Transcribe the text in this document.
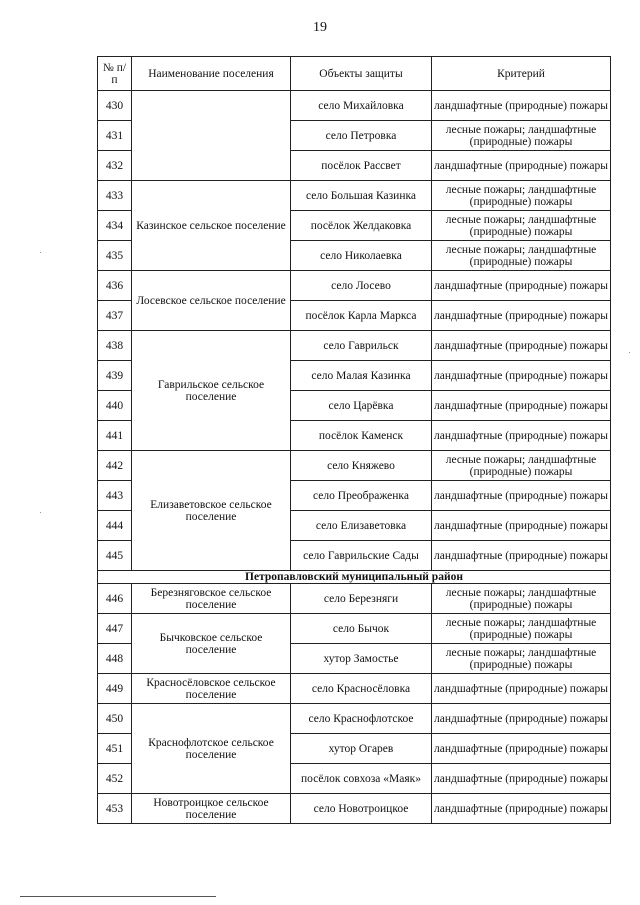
19
№ п/п	Наименование поселения	Объекты защиты	Критерий
430		село Михайловка	ландшафтные (природные) пожары
431		село Петровка	лесные пожары; ландшафтные (природные) пожары
432		посёлок Рассвет	ландшафтные (природные) пожары
433	Казинское сельское поселение	село Большая Казинка	лесные пожары; ландшафтные (природные) пожары
434		посёлок Желдаковка	лесные пожары; ландшафтные (природные) пожары
435		село Николаевка	лесные пожары; ландшафтные (природные) пожары
436	Лосевское сельское поселение	село Лосево	ландшафтные (природные) пожары
437		посёлок Карла Маркса	ландшафтные (природные) пожары
438	Гаврильское сельское поселение	село Гаврильск	ландшафтные (природные) пожары
439		село Малая Казинка	ландшафтные (природные) пожары
440		село Царёвка	ландшафтные (природные) пожары
441		посёлок Каменск	ландшафтные (природные) пожары
442	Елизаветовское сельское поселение	село Княжево	лесные пожары; ландшафтные (природные) пожары
443		село Преображенка	ландшафтные (природные) пожары
444		село Елизаветовка	ландшафтные (природные) пожары
445		село Гаврильские Сады	ландшафтные (природные) пожары
Петропавловский муниципальный район			
446	Березняговское сельское поселение	село Березняги	лесные пожары; ландшафтные (природные) пожары
447	Бычковское сельское поселение	село Бычок	лесные пожары; ландшафтные (природные) пожары
448		хутор Замостье	лесные пожары; ландшафтные (природные) пожары
449	Красносёловское сельское поселение	село Красносёловка	ландшафтные (природные) пожары
450	Краснофлотское сельское поселение	село Краснофлотское	ландшафтные (природные) пожары
451		хутор Огарев	ландшафтные (природные) пожары
452		посёлок совхоза «Маяк»	ландшафтные (природные) пожары
453	Новотроицкое сельское поселение	село Новотроицкое	ландшафтные (природные) пожары
